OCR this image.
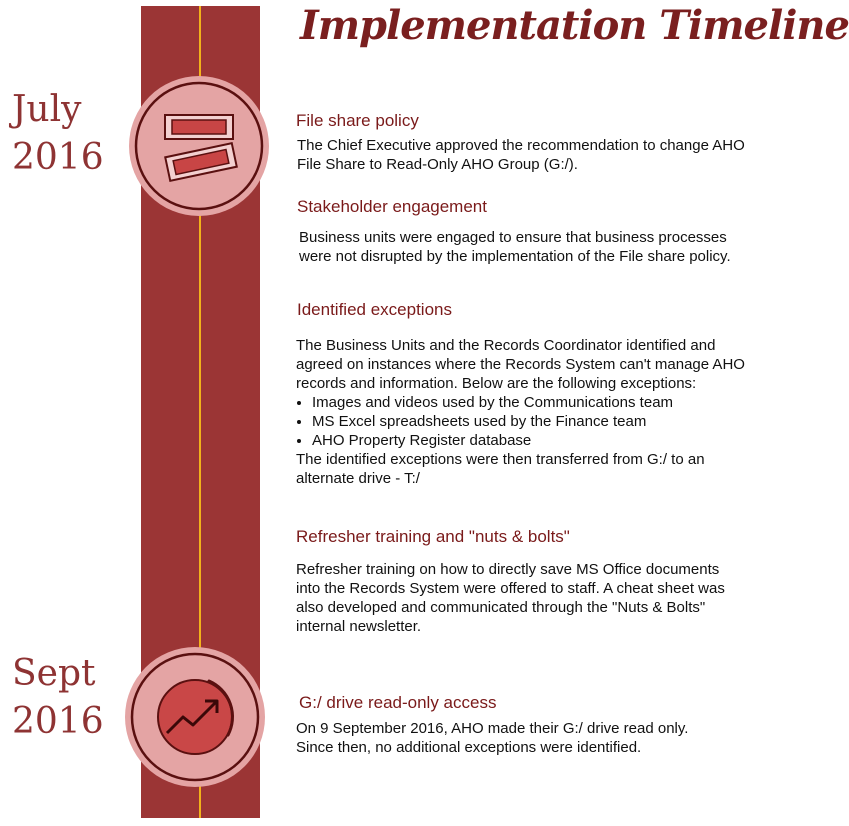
Implementation Timeline
July
2016
Sept
2016
File share policy

The Chief Executive approved the recommendation to change AHO File Share to Read-Only AHO Group (G:/).

Stakeholder engagement

Business units were engaged to ensure that business processes were not disrupted by the implementation of the File share policy.

Identified exceptions
The Business Units and the Records Coordinator identified and agreed on instances where the Records System can't manage AHO records and information. Below are the following exceptions:
• Images and videos used by the Communications team
• MS Excel spreadsheets used by the Finance team
• AHO Property Register database
The identified exceptions were then transferred from G:/ to an alternate drive - T:/
Refresher training and "nuts & bolts"

Refresher training on how to directly save MS Office documents into the Records System were offered to staff. A cheat sheet was also developed and communicated through the "Nuts & Bolts" internal newsletter.

G:/ drive read-only access

On 9 September 2016, AHO made their G:/ drive read only. Since then, no additional exceptions were identified.
